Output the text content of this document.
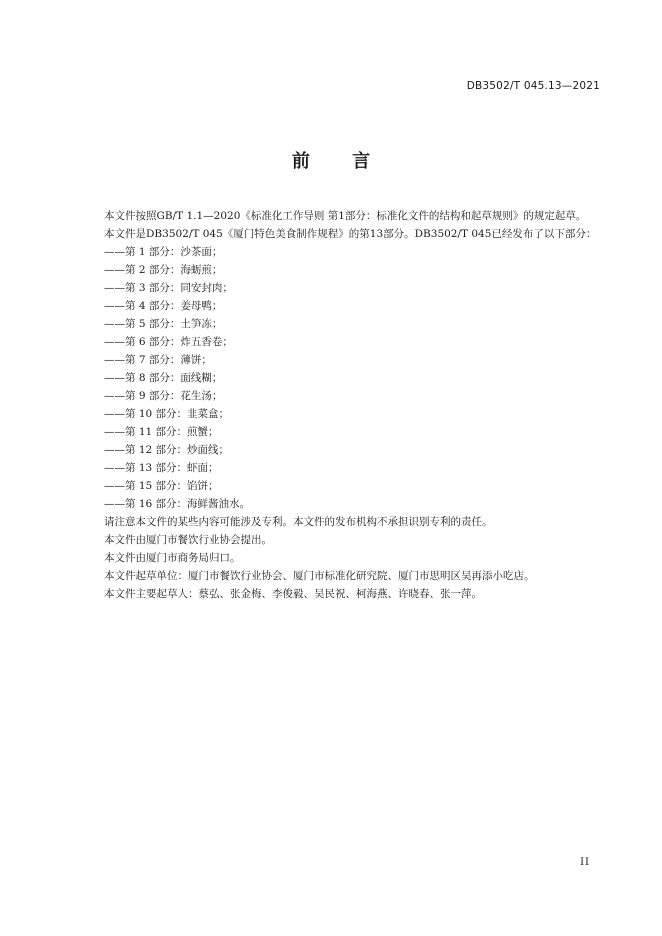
DB3502/T 045.13—2021
前 言

本文件按照GB/T 1.1—2020《标准化工作导则 第1部分：标准化文件的结构和起草规则》的规定起草。

本文件是DB3502/T 045《厦门特色美食制作规程》的第13部分。DB3502/T 045已经发布了以下部分：

——第 1 部分：沙茶面；

——第 2 部分：海蛎煎；

——第 3 部分：同安封肉；

——第 4 部分：姜母鸭；

——第 5 部分：土笋冻；

——第 6 部分：炸五香卷；

——第 7 部分：薄饼；

——第 8 部分：面线糊；

——第 9 部分：花生汤；

——第 10 部分：韭菜盒；

——第 11 部分：煎蟹；

——第 12 部分：炒面线；

——第 13 部分：虾面；

——第 15 部分：馅饼；

——第 16 部分：海鲜酱油水。

请注意本文件的某些内容可能涉及专利。本文件的发布机构不承担识别专利的责任。

本文件由厦门市餐饮行业协会提出。

本文件由厦门市商务局归口。

本文件起草单位：厦门市餐饮行业协会、厦门市标准化研究院、厦门市思明区吴再添小吃店。

本文件主要起草人：蔡弘、张金梅、李俊毅、吴民祝、柯海燕、许晓春、张一萍。

II
